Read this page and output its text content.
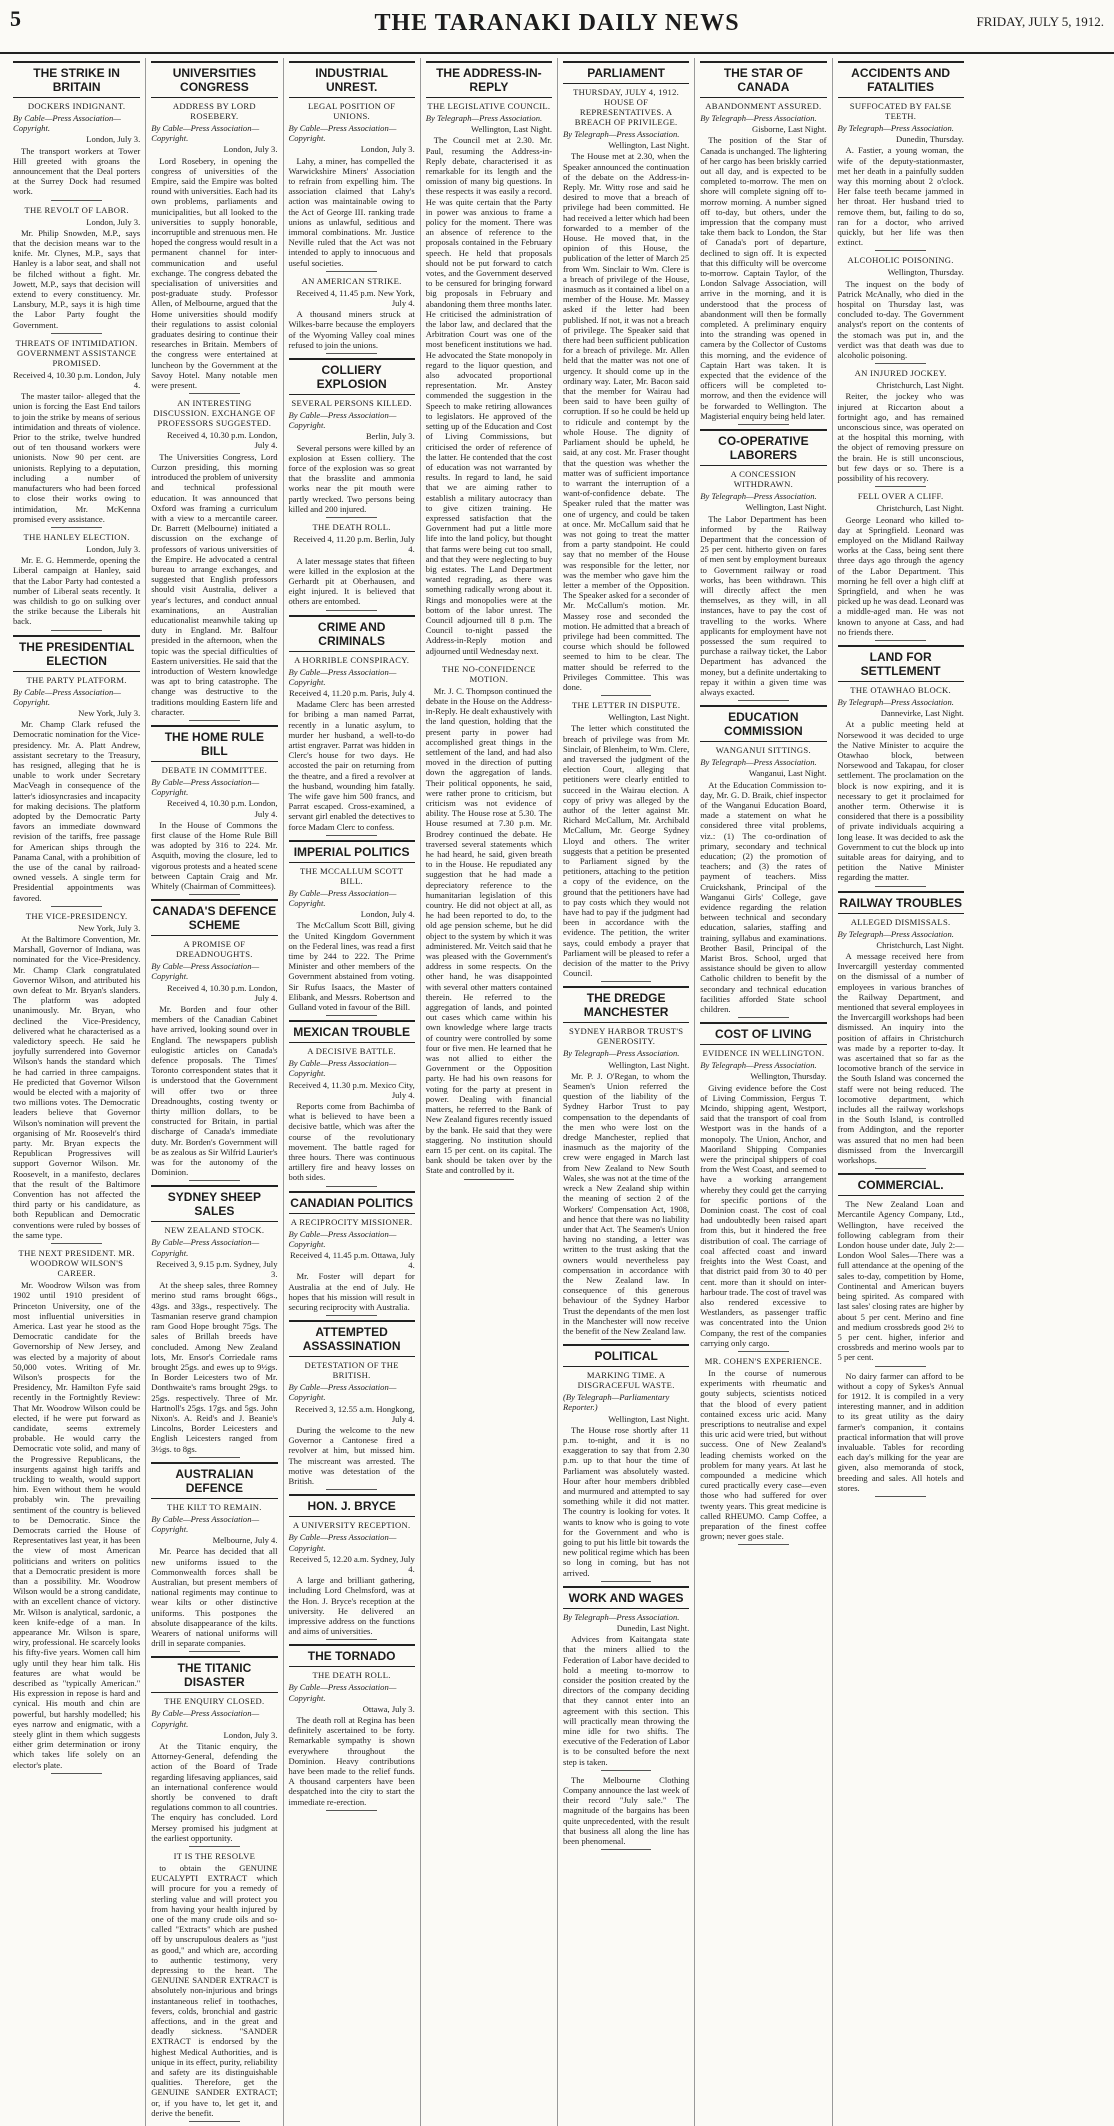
5	THE TARANAKI DAILY NEWS	FRIDAY, JULY 5, 1912.
THE STRIKE IN BRITAIN
DOCKERS INDIGNANT.
By Cable—Press Association—Copyright.
London, July 3.

The transport workers at Tower Hill greeted with groans the announcement that the Deal porters at the Surrey Dock had resumed work.

THE REVOLT OF LABOR.
London, July 3.

Mr. Philip Snowden, M.P., says that the decision means war to the knife. Mr. Clynes, M.P., says that Hanley is a labor seat, and shall not be filched without a fight. Mr. Jowett, M.P., says that decision will extend to every constituency. Mr. Lansbury, M.P., says it is high time the Labor Party fought the Government.

THREATS OF INTIMIDATION. GOVERNMENT ASSISTANCE PROMISED.
Received 4, 10.30 p.m. London, July 4.

The master tailor- alleged that the union is forcing the East End tailors to join the strike by means of serious intimidation and threats of violence. Prior to the strike, twelve hundred out of ten thousand workers were unionists. Now 90 per cent. are unionists. Replying to a deputation, including a number of manufacturers who had been forced to close their works owing to intimidation, Mr. McKenna promised every assistance.

THE HANLEY ELECTION.
London, July 3.

Mr. E. G. Hemmerde, opening the Liberal campaign at Hanley, said that the Labor Party had contested a number of Liberal seats recently. It was childish to go on sulking over the strike because the Liberals hit back.

THE PRESIDENTIAL ELECTION
THE PARTY PLATFORM.
By Cable—Press Association—Copyright.
New York, July 3.

Mr. Champ Clark refused the Democratic nomination for the Vice-presidency. Mr. A. Platt Andrew, assistant secretary to the Treasury, has resigned, alleging that he is unable to work under Secretary MacVeagh in consequence of the latter's idiosyncrasies and incapacity for making decisions. The platform adopted by the Democratic Party favors an immediate downward revision of the tariffs, free passage for American ships through the Panama Canal, with a prohibition of the use of the canal by railroad-owned vessels. A single term for Presidential appointments was favored.

THE VICE-PRESIDENCY.
New York, July 3.

At the Baltimore Convention, Mr. Marshall, Governor of Indiana, was nominated for the Vice-Presidency. Mr. Champ Clark congratulated Governor Wilson, and attributed his own defeat to Mr. Bryan's slanders. The platform was adopted unanimously. Mr. Bryan, who declined the Vice-Presidency, delivered what he characterised as a valedictory speech. He said he joyfully surrendered into Governor Wilson's hands the standard which he had carried in three campaigns. He predicted that Governor Wilson would be elected with a majority of two millions votes. The Democratic leaders believe that Governor Wilson's nomination will prevent the organising of Mr. Roosevelt's third party. Mr. Bryan expects the Republican Progressives will support Governor Wilson. Mr. Roosevelt, in a manifesto, declares that the result of the Baltimore Convention has not affected the third party or his candidature, as both Republican and Democratic conventions were ruled by bosses of the same type.

THE NEXT PRESIDENT. MR. WOODROW WILSON'S CAREER.

Mr. Woodrow Wilson was from 1902 until 1910 president of Princeton University, one of the most influential universities in America. Last year he stood as the Democratic candidate for the Governorship of New Jersey, and was elected by a majority of about 50,000 votes. Writing of Mr. Wilson's prospects for the Presidency, Mr. Hamilton Fyfe said recently in the Fortnightly Review: That Mr. Woodrow Wilson could be elected, if he were put forward as candidate, seems extremely probable. He would carry the Democratic vote solid, and many of the Progressive Republicans, the insurgents against high tariffs and truckling to wealth, would support him. Even without them he would probably win. The prevailing sentiment of the country is believed to be Democratic. Since the Democrats carried the House of Representatives last year, it has been the view of most American politicians and writers on politics that a Democratic president is more than a possibility. Mr. Woodrow Wilson would be a strong candidate, with an excellent chance of victory. Mr. Wilson is analytical, sardonic, a keen knife-edge of a man. In appearance Mr. Wilson is spare, wiry, professional. He scarcely looks his fifty-five years. Women call him ugly until they hear him talk. His features are what would be described as "typically American." His expression in repose is hard and cynical. His mouth and chin are powerful, but harshly modelled; his eyes narrow and enigmatic, with a steely glint in them which suggests either grim determination or irony which takes life solely on an elector's plate.

UNIVERSITIES CONGRESS
ADDRESS BY LORD ROSEBERY.
By Cable—Press Association—Copyright.
London, July 3.

Lord Rosebery, in opening the congress of universities of the Empire, said the Empire was bolted round with universities. Each had its own problems, parliaments and municipalities, but all looked to the universities to supply honorable, incorruptible and strenuous men. He hoped the congress would result in a permanent channel for inter-communication and useful exchange. The congress debated the specialisation of universities and post-graduate study. Professor Allen, of Melbourne, argued that the Home universities should modify their regulations to assist colonial graduates desiring to continue their researches in Britain. Members of the congress were entertained at luncheon by the Government at the Savoy Hotel. Many notable men were present.

AN INTERESTING DISCUSSION. EXCHANGE OF PROFESSORS SUGGESTED.
Received 4, 10.30 p.m. London, July 4.

The Universities Congress, Lord Curzon presiding, this morning introduced the problem of university and technical professional education. It was announced that Oxford was framing a curriculum with a view to a mercantile career. Dr. Barrett (Melbourne) initiated a discussion on the exchange of professors of various universities of the Empire. He advocated a central bureau to arrange exchanges, and suggested that English professors should visit Australia, deliver a year's lectures, and conduct annual examinations, an Australian educationalist meanwhile taking up duty in England. Mr. Balfour presided in the afternoon, when the topic was the special difficulties of Eastern universities. He said that the introduction of Western knowledge was apt to bring catastrophe. The change was destructive to the traditions moulding Eastern life and character.

THE HOME RULE BILL
DEBATE IN COMMITTEE.
By Cable—Press Association—Copyright.
Received 4, 10.30 p.m. London, July 4.

In the House of Commons the first clause of the Home Rule Bill was adopted by 316 to 224. Mr. Asquith, moving the closure, led to vigorous protests and a heated scene between Captain Craig and Mr. Whitely (Chairman of Committees).

CANADA'S DEFENCE SCHEME
A PROMISE OF DREADNOUGHTS.
By Cable—Press Association—Copyright.
Received 4, 10.30 p.m. London, July 4.

Mr. Borden and four other members of the Canadian Cabinet have arrived, looking sound over in England. The newspapers publish eulogistic articles on Canada's defence proposals. The Times' Toronto correspondent states that it is understood that the Government will offer two or three Dreadnoughts, costing twenty or thirty million dollars, to be constructed for Britain, in partial discharge of Canada's immediate duty. Mr. Borden's Government will be as zealous as Sir Wilfrid Laurier's was for the autonomy of the Dominion.

SYDNEY SHEEP SALES
NEW ZEALAND STOCK.
By Cable—Press Association—Copyright.
Received 3, 9.15 p.m. Sydney, July 3.

At the sheep sales, three Romney merino stud rams brought 66gs., 43gs. and 33gs., respectively. The Tasmanian reserve grand champion ram Good Hope brought 75gs. The sales of Brillah breeds have concluded. Among New Zealand lots, Mr. Ensor's Corriedale rams brought 25gs. and ewes up to 9½gs. In Border Leicesters two of Mr. Donthwaite's rams brought 29gs. to 25gs. respectively. Three of Mr. Hartnoll's 25gs. 17gs. and 5gs. John Nixon's. A. Reid's and J. Beanie's Lincolns, Border Leicesters and English Leicesters ranged from 3½gs. to 8gs.

AUSTRALIAN DEFENCE
THE KILT TO REMAIN.
By Cable—Press Association—Copyright.
Melbourne, July 4.

Mr. Pearce has decided that all new uniforms issued to the Commonwealth forces shall be Australian, but present members of national regiments may continue to wear kilts or other distinctive uniforms. This postpones the absolute disappearance of the kilts. Wearers of national uniforms will drill in separate companies.

THE TITANIC DISASTER
THE ENQUIRY CLOSED.
By Cable—Press Association—Copyright.
London, July 3.

At the Titanic enquiry, the Attorney-General, defending the action of the Board of Trade regarding lifesaving appliances, said an international conference would shortly be convened to draft regulations common to all countries. The enquiry has concluded. Lord Mersey promised his judgment at the earliest opportunity.

IT IS THE RESOLVE

to obtain the GENUINE EUCALYPTI EXTRACT which will procure for you a remedy of sterling value and will protect you from having your health injured by one of the many crude oils and so-called "Extracts" which are pushed off by unscrupulous dealers as "just as good," and which are, according to authentic testimony, very depressing to the heart. The GENUINE SANDER EXTRACT is absolutely non-injurious and brings instantaneous relief in toothaches, fevers, colds, bronchial and gastric affections, and in the great and deadly sickness. "SANDER EXTRACT is endorsed by the highest Medical Authorities, and is unique in its effect, purity, reliability and safety are its distinguishable qualities. Therefore, get the GENUINE SANDER EXTRACT; or, if you have to, let get it, and derive the benefit.

INDUSTRIAL UNREST.
LEGAL POSITION OF UNIONS.
By Cable—Press Association—Copyright.
London, July 3.

Lahy, a miner, has compelled the Warwickshire Miners' Association to refrain from expelling him. The association claimed that Lahy's action was maintainable owing to the Act of George III. ranking trade unions as unlawful, seditious and immoral combinations. Mr. Justice Neville ruled that the Act was not intended to apply to innocuous and useful societies.

AN AMERICAN STRIKE.
Received 4, 11.45 p.m. New York, July 4.

A thousand miners struck at Wilkes-barre because the employers of the Wyoming Valley coal mines refused to join the unions.

COLLIERY EXPLOSION
SEVERAL PERSONS KILLED.
By Cable—Press Association—Copyright.
Berlin, July 3.

Several persons were killed by an explosion at Essen colliery. The force of the explosion was so great that the brasslite and ammonia works near the pit mouth were partly wrecked. Two persons being killed and 200 injured.

THE DEATH ROLL.
Received 4, 11.20 p.m. Berlin, July 4.

A later message states that fifteen were killed in the explosion at the Gerhardt pit at Oberhausen, and eight injured. It is believed that others are entombed.

CRIME AND CRIMINALS
A HORRIBLE CONSPIRACY.
By Cable—Press Association—Copyright.
Received 4, 11.20 p.m. Paris, July 4.

Madame Clerc has been arrested for bribing a man named Parrat, recently in a lunatic asylum, to murder her husband, a well-to-do artist engraver. Parrat was hidden in Clerc's house for two days. He accosted the pair on returning from the theatre, and a fired a revolver at the husband, wounding him fatally. The wife gave him 500 francs, and Parrat escaped. Cross-examined, a servant girl enabled the detectives to force Madam Clerc to confess.

IMPERIAL POLITICS
THE MCCALLUM SCOTT BILL.
By Cable—Press Association—Copyright.
London, July 4.

The McCallum Scott Bill, giving the United Kingdom Government on the Federal lines, was read a first time by 244 to 222. The Prime Minister and other members of the Government abstained from voting. Sir Rufus Isaacs, the Master of Elibank, and Messrs. Robertson and Gulland voted in favour of the Bill.

MEXICAN TROUBLE
A DECISIVE BATTLE.
By Cable—Press Association—Copyright.
Received 4, 11.30 p.m. Mexico City, July 4.

Reports come from Bachimba of what is believed to have been a decisive battle, which was after the course of the revolutionary movement. The battle raged for three hours. There was continuous artillery fire and heavy losses on both sides.

CANADIAN POLITICS
A RECIPROCITY MISSIONER.
By Cable—Press Association—Copyright.
Received 4, 11.45 p.m. Ottawa, July 4.

Mr. Foster will depart for Australia at the end of July. He hopes that his mission will result in securing reciprocity with Australia.

ATTEMPTED ASSASSINATION
DETESTATION OF THE BRITISH.
By Cable—Press Association—Copyright.
Received 3, 12.55 a.m. Hongkong, July 4.

During the welcome to the new Governor a Cantonese fired a revolver at him, but missed him. The miscreant was arrested. The motive was detestation of the British.

HON. J. BRYCE
A UNIVERSITY RECEPTION.
By Cable—Press Association—Copyright.
Received 5, 12.20 a.m. Sydney, July 4.

A large and brilliant gathering, including Lord Chelmsford, was at the Hon. J. Bryce's reception at the university. He delivered an impressive address on the functions and aims of universities.

THE TORNADO
THE DEATH ROLL.
By Cable—Press Association—Copyright.
Ottawa, July 3.

The death roll at Regina has been definitely ascertained to be forty. Remarkable sympathy is shown everywhere throughout the Dominion. Heavy contributions have been made to the relief funds. A thousand carpenters have been despatched into the city to start the immediate re-erection.

THE ADDRESS-IN-REPLY
THE LEGISLATIVE COUNCIL.
By Telegraph—Press Association.
Wellington, Last Night.

The Council met at 2.30. Mr. Paul, resuming the Address-in-Reply debate, characterised it as remarkable for its length and the omission of many big questions. In these respects it was easily a record. He was quite certain that the Party in power was anxious to frame a policy for the moment. There was an absence of reference to the proposals contained in the February speech. He held that proposals should not be put forward to catch votes, and the Government deserved to be censured for bringing forward big proposals in February and abandoning them three months later. He criticised the administration of the labor law, and declared that the Arbitration Court was one of the most beneficent institutions we had. He advocated the State monopoly in regard to the liquor question, and also advocated proportional representation. Mr. Anstey commended the suggestion in the Speech to make retiring allowances to legislators. He approved of the setting up of the Education and Cost of Living Commissions, but criticised the order of reference of the latter. He contended that the cost of education was not warranted by results. In regard to land, he said that we are aiming rather to establish a military autocracy than to give citizen training. He expressed satisfaction that the Government had put a little more life into the land policy, but thought that farms were being cut too small, and that they were neglecting to buy big estates. The Land Department wanted regrading, as there was something radically wrong about it. Rings and monopolies were at the bottom of the labor unrest. The Council adjourned till 8 p.m. The Council to-night passed the Address-in-Reply motion and adjourned until Wednesday next.

THE NO-CONFIDENCE MOTION.

Mr. J. C. Thompson continued the debate in the House on the Address-in-Reply. He dealt exhaustively with the land question, holding that the present party in power had accomplished great things in the settlement of the land, and had also moved in the direction of putting down the aggregation of lands. Their political opponents, he said, were rather prone to criticism, but criticism was not evidence of ability. The House rose at 5.30. The House resumed at 7.30 p.m. Mr. Brodrey continued the debate. He traversed several statements which he had heard, he said, given breath to in the House. He repudiated any suggestion that he had made a depreciatory reference to the humanitarian legislation of this country. He did not object at all, as he had been reported to do, to the old age pension scheme, but he did object to the system by which it was administered. Mr. Veitch said that he was pleased with the Government's address in some respects. On the other hand, he was disappointed with several other matters contained therein. He referred to the aggregation of lands, and pointed out cases which came within his own knowledge where large tracts of country were controlled by some four or five men. He learned that he was not allied to either the Government or the Opposition party. He had his own reasons for voting for the party at present in power. Dealing with financial matters, he referred to the Bank of New Zealand figures recently issued by the bank. He said that they were staggering. No institution should earn 15 per cent. on its capital. The bank should be taken over by the State and controlled by it.

PARLIAMENT
THURSDAY, JULY 4, 1912. HOUSE OF REPRESENTATIVES. A BREACH OF PRIVILEGE.
By Telegraph—Press Association.
Wellington, Last Night.

The House met at 2.30, when the Speaker announced the continuation of the debate on the Address-in-Reply. Mr. Witty rose and said he desired to move that a breach of privilege had been committed. He had received a letter which had been forwarded to a member of the House. He moved that, in the opinion of this House, the publication of the letter of March 25 from Wm. Sinclair to Wm. Clere is a breach of privilege of the House, inasmuch as it contained a libel on a member of the House. Mr. Massey asked if the letter had been published. If not, it was not a breach of privilege. The Speaker said that there had been sufficient publication for a breach of privilege. Mr. Allen held that the matter was not one of urgency. It should come up in the ordinary way. Later, Mr. Bacon said that the member for Wairau had been said to have been guilty of corruption. If so he could be held up to ridicule and contempt by the whole House. The dignity of Parliament should be upheld, he said, at any cost. Mr. Fraser thought that the question was whether the matter was of sufficient importance to warrant the interruption of a want-of-confidence debate. The Speaker ruled that the matter was one of urgency, and could be taken at once. Mr. McCallum said that he was not going to treat the matter from a party standpoint. He could say that no member of the House was responsible for the letter, nor was the member who gave him the letter a member of the Opposition. The Speaker asked for a seconder of Mr. McCallum's motion. Mr. Massey rose and seconded the motion. He admitted that a breach of privilege had been committed. The course which should be followed seemed to him to be clear. The matter should be referred to the Privileges Committee. This was done.

THE LETTER IN DISPUTE.
Wellington, Last Night.

The letter which constituted the breach of privilege was from Mr. Sinclair, of Blenheim, to Wm. Clere, and traversed the judgment of the election Court, alleging that petitioners were clearly entitled to succeed in the Wairau election. A copy of privy was alleged by the author of the letter against Mr. Richard McCallum, Mr. Archibald McCallum, Mr. George Sydney Lloyd and others. The writer suggests that a petition be presented to Parliament signed by the petitioners, attaching to the petition a copy of the evidence, on the ground that the petitioners have had to pay costs which they would not have had to pay if the judgment had been in accordance with the evidence. The petition, the writer says, could embody a prayer that Parliament will be pleased to refer a decision of the matter to the Privy Council.

THE DREDGE MANCHESTER
SYDNEY HARBOR TRUST'S GENEROSITY.
By Telegraph—Press Association.
Wellington, Last Night.

Mr. P. J. O'Regan, to whom the Seamen's Union referred the question of the liability of the Sydney Harbor Trust to pay compensation to the dependants of the men who were lost on the dredge Manchester, replied that inasmuch as the majority of the crew were engaged in March last from New Zealand to New South Wales, she was not at the time of the wreck a New Zealand ship within the meaning of section 2 of the Workers' Compensation Act, 1908, and hence that there was no liability under that Act. The Seamen's Union having no standing, a letter was written to the trust asking that the owners would nevertheless pay compensation in accordance with the New Zealand law. In consequence of this generous behaviour of the Sydney Harbor Trust the dependants of the men lost in the Manchester will now receive the benefit of the New Zealand law.

POLITICAL
MARKING TIME. A DISGRACEFUL WASTE.
(By Telegraph—Parliamentary Reporter.)
Wellington, Last Night.

The House rose shortly after 11 p.m. to-night, and it is no exaggeration to say that from 2.30 p.m. up to that hour the time of Parliament was absolutely wasted. Hour after hour members dribbled and murmured and attempted to say something while it did not matter. The country is looking for votes. It wants to know who is going to vote for the Government and who is going to put his little bit towards the new political regime which has been so long in coming, but has not arrived.

WORK AND WAGES
By Telegraph—Press Association.
Dunedin, Last Night.

Advices from Kaitangata state that the miners allied to the Federation of Labor have decided to hold a meeting to-morrow to consider the position created by the directors of the company deciding that they cannot enter into an agreement with this section. This will practically mean throwing the mine idle for two shifts. The executive of the Federation of Labor is to be consulted before the next step is taken.

The Melbourne Clothing Company announce the last week of their record "July sale." The magnitude of the bargains has been quite unprecedented, with the result that business all along the line has been phenomenal.

THE STAR OF CANADA
ABANDONMENT ASSURED.
By Telegraph—Press Association.
Gisborne, Last Night.

The position of the Star of Canada is unchanged. The lightering of her cargo has been briskly carried out all day, and is expected to be completed to-morrow. The men on shore will complete signing off to-morrow morning. A number signed off to-day, but others, under the impression that the company must take them back to London, the Star of Canada's port of departure, declined to sign off. It is expected that this difficulty will be overcome to-morrow. Captain Taylor, of the London Salvage Association, will arrive in the morning, and it is understood that the process of abandonment will then be formally completed. A preliminary enquiry into the stranding was opened in camera by the Collector of Customs this morning, and the evidence of Captain Hart was taken. It is expected that the evidence of the officers will be completed to-morrow, and then the evidence will be forwarded to Wellington. The Magisterial enquiry being held later.

CO-OPERATIVE LABORERS
A CONCESSION WITHDRAWN.
By Telegraph—Press Association.
Wellington, Last Night.

The Labor Department has been informed by the Railway Department that the concession of 25 per cent. hitherto given on fares of men sent by employment bureaux to Government railway or road works, has been withdrawn. This will directly affect the men themselves, as they will, in all instances, have to pay the cost of travelling to the works. Where applicants for employment have not possessed the sum required to purchase a railway ticket, the Labor Department has advanced the money, but a definite undertaking to repay it within a given time was always exacted.

EDUCATION COMMISSION
WANGANUI SITTINGS.
By Telegraph—Press Association.
Wanganui, Last Night.

At the Education Commission to-day, Mr. G. D. Braik, chief inspector of the Wanganui Education Board, made a statement on what he considered three vital problems, viz.: (1) The co-ordination of primary, secondary and technical education; (2) the promotion of teachers; and (3) the rates of payment of teachers. Miss Cruickshank, Principal of the Wanganui Girls' College, gave evidence regarding the relation between technical and secondary education, salaries, staffing and training, syllabus and examinations. Brother Basil, Principal of the Marist Bros. School, urged that assistance should be given to allow Catholic children to benefit by the secondary and technical education facilities afforded State school children.

COST OF LIVING
EVIDENCE IN WELLINGTON.
By Telegraph—Press Association.
Wellington, Thursday.

Giving evidence before the Cost of Living Commission, Fergus T. Mcindo, shipping agent, Westport, said that the transport of coal from Westport was in the hands of a monopoly. The Union, Anchor, and Maoriland Shipping Companies were the principal shippers of coal from the West Coast, and seemed to have a working arrangement whereby they could get the carrying for specific portions of the Dominion coast. The cost of coal had undoubtedly been raised apart from this, but it hindered the free distribution of coal. The carriage of coal affected coast and inward freights into the West Coast, and that district paid from 30 to 40 per cent. more than it should on inter-harbour trade. The cost of travel was also rendered excessive to Westlanders, as passenger traffic was concentrated into the Union Company, the rest of the companies carrying only cargo.

MR. COHEN'S EXPERIENCE.

In the course of numerous experiments with rheumatic and gouty subjects, scientists noticed that the blood of every patient contained excess uric acid. Many prescriptions to neutralise and expel this uric acid were tried, but without success. One of New Zealand's leading chemists worked on the problem for many years. At last he compounded a medicine which cured practically every case—even those who had suffered for over twenty years. This great medicine is called RHEUMO. Camp Coffee, a preparation of the finest coffee grown; never goes stale.

ACCIDENTS AND FATALITIES
SUFFOCATED BY FALSE TEETH.
By Telegraph—Press Association.
Dunedin, Thursday.

A. Fastier, a young woman, the wife of the deputy-stationmaster, met her death in a painfully sudden way this morning about 2 o'clock. Her false teeth became jammed in her throat. Her husband tried to remove them, but, failing to do so, ran for a doctor, who arrived quickly, but her life was then extinct.

ALCOHOLIC POISONING.
Wellington, Thursday.

The inquest on the body of Patrick McAnally, who died in the hospital on Thursday last, was concluded to-day. The Government analyst's report on the contents of the stomach was put in, and the verdict was that death was due to alcoholic poisoning.

AN INJURED JOCKEY.
Christchurch, Last Night.

Reiter, the jockey who was injured at Riccarton about a fortnight ago, and has remained unconscious since, was operated on at the hospital this morning, with the object of removing pressure on the brain. He is still unconscious, but few days or so. There is a possibility of his recovery.

FELL OVER A CLIFF.
Christchurch, Last Night.

George Leonard who killed to-day at Springfield. Leonard was employed on the Midland Railway works at the Cass, being sent there three days ago through the agency of the Labor Department. This morning he fell over a high cliff at Springfield, and when he was picked up he was dead. Leonard was a middle-aged man. He was not known to anyone at Cass, and had no friends there.

LAND FOR SETTLEMENT
THE OTAWHAO BLOCK.
By Telegraph—Press Association.
Dannevirke, Last Night.

At a public meeting held at Norsewood it was decided to urge the Native Minister to acquire the Otawhao block, between Norsewood and Takapau, for closer settlement. The proclamation on the block is now expiring, and it is necessary to get it proclaimed for another term. Otherwise it is considered that there is a possibility of private individuals acquiring a long lease. It was decided to ask the Government to cut the block up into suitable areas for dairying, and to petition the Native Minister regarding the matter.

RAILWAY TROUBLES
ALLEGED DISMISSALS.
By Telegraph—Press Association.
Christchurch, Last Night.

A message received here from Invercargill yesterday commented on the dismissal of a number of employees in various branches of the Railway Department, and mentioned that several employees in the Invercargill workshops had been dismissed. An inquiry into the position of affairs in Christchurch was made by a reporter to-day. It was ascertained that so far as the locomotive branch of the service in the South Island was concerned the staff were not being reduced. The locomotive department, which includes all the railway workshops in the South Island, is controlled from Addington, and the reporter was assured that no men had been dismissed from the Invercargill workshops.

COMMERCIAL.

The New Zealand Loan and Mercantile Agency Company, Ltd., Wellington, have received the following cablegram from their London house under date, July 2:—London Wool Sales—There was a full attendance at the opening of the sales to-day, competition by Home, Continental and American buyers being spirited. As compared with last sales' closing rates are higher by about 5 per cent. Merino and fine and medium crossbreds good 2½ to 5 per cent. higher, inferior and crossbreds and merino wools par to 5 per cent.

No dairy farmer can afford to be without a copy of Sykes's Annual for 1912. It is compiled in a very interesting manner, and in addition to its great utility as the dairy farmer's companion, it contains practical information that will prove invaluable. Tables for recording each day's milking for the year are given, also memoranda of stock, breeding and sales. All hotels and stores.
